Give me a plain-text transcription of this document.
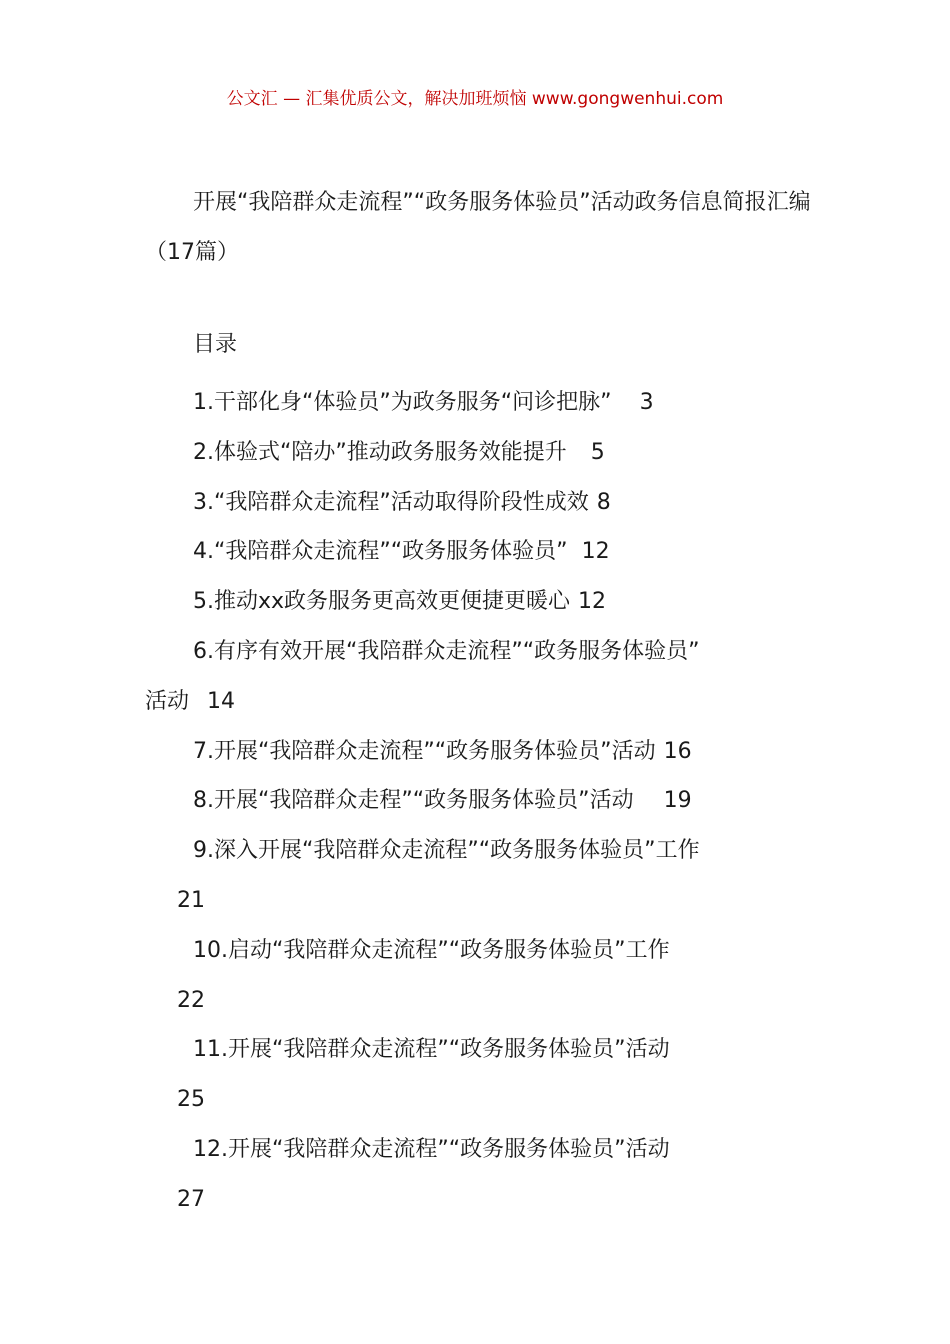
公文汇 — 汇集优质公文，解决加班烦恼 www.gongwenhui.com
开展“我陪群众走流程”“政务服务体验员”活动政务信息简报汇编（17篇）
目录
1.干部化身“体验员”为政务服务“问诊把脉” 3
2.体验式“陪办”推动政务服务效能提升 5
3.“我陪群众走流程”活动取得阶段性成效 8
4.“我陪群众走流程”“政务服务体验员” 12
5.推动xx政务服务更高效更便捷更暖心 12
6.有序有效开展“我陪群众走流程”“政务服务体验员”
活动 14
7.开展“我陪群众走流程”“政务服务体验员”活动 16
8.开展“我陪群众走程”“政务服务体验员”活动 19
9.深入开展“我陪群众走流程”“政务服务体验员”工作
21
10.启动“我陪群众走流程”“政务服务体验员”工作
22
11.开展“我陪群众走流程”“政务服务体验员”活动
25
12.开展“我陪群众走流程”“政务服务体验员”活动
27
